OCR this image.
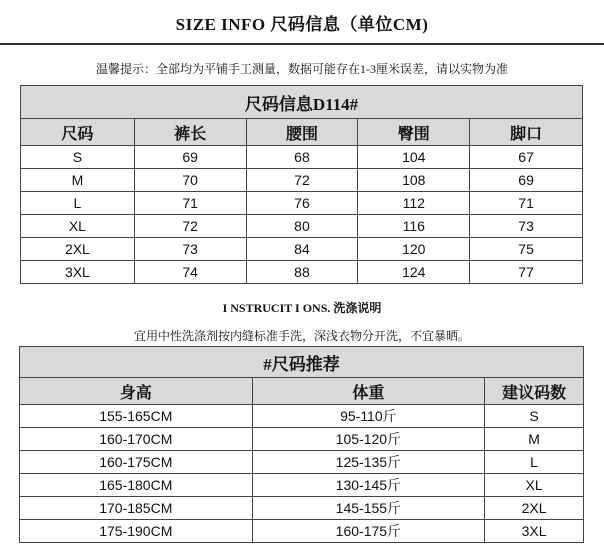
SIZE INFO 尺码信息（单位CM)
温馨提示：全部均为平铺手工测量，数据可能存在1-3厘米误差，请以实物为准
尺码信息D114#				
尺码	裤长	腰围	臀围	脚口
S	69	68	104	67
M	70	72	108	69
L	71	76	112	71
XL	72	80	116	73
2XL	73	84	120	75
3XL	74	88	124	77
I NSTRUCIT I ONS. 洗涤说明
宜用中性洗涤剂按内缝标准手洗，深浅衣物分开洗，不宜暴晒。
#尺码推荐		
身高	体重	建议码数
155-165CM	95-110斤	S
160-170CM	105-120斤	M
160-175CM	125-135斤	L
165-180CM	130-145斤	XL
170-185CM	145-155斤	2XL
175-190CM	160-175斤	3XL
